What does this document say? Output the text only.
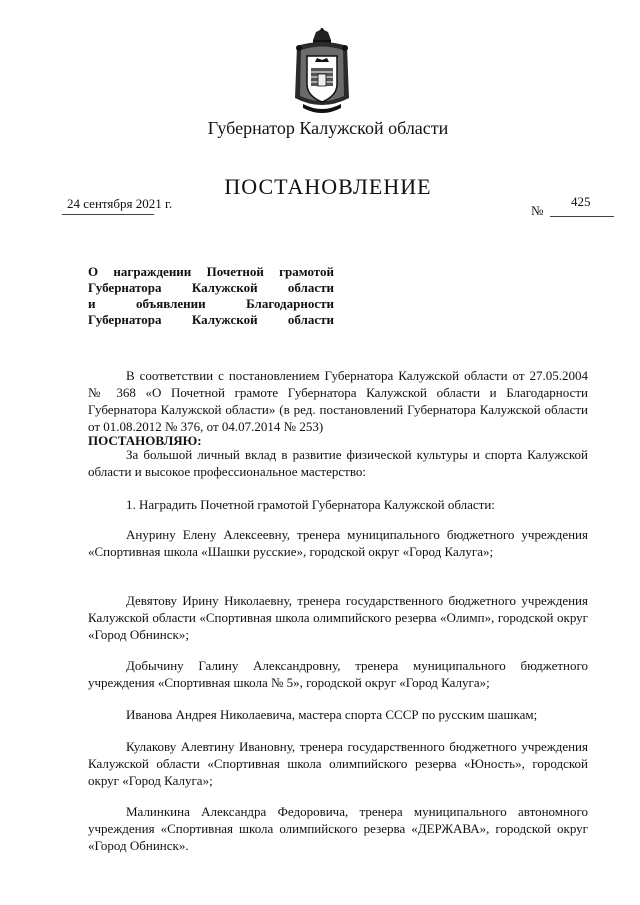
Губернатор Калужской области
ПОСТАНОВЛЕНИЕ
24 сентября 2021 г.	№
425
О награждении Почетной грамотой
Губернатора Калужской области
и	объявлении	Благодарности
Губернатора Калужской области
В соответствии с постановлением Губернатора Калужской области от 27.05.2004 № 368 «О Почетной грамоте Губернатора Калужской области и Благодарности Губернатора Калужской области» (в ред. постановлений Губернатора Калужской области от 01.08.2012 № 376, от 04.07.2014 № 253)
ПОСТАНОВЛЯЮ:
За большой личный вклад в развитие физической культуры и спорта Калужской области и высокое профессиональное мастерство:
1. Наградить Почетной грамотой Губернатора Калужской области:
Анурину Елену Алексеевну, тренера муниципального бюджетного учреждения «Спортивная школа «Шашки русские», городской округ «Город Калуга»;
Девятову Ирину Николаевну, тренера государственного бюджетного учреждения Калужской области «Спортивная школа олимпийского резерва «Олимп», городской округ «Город Обнинск»;
Добычину Галину Александровну, тренера муниципального бюджетного учреждения «Спортивная школа № 5», городской округ «Город Калуга»;
Иванова Андрея Николаевича, мастера спорта СССР по русским шашкам;
Кулакову Алевтину Ивановну, тренера государственного бюджетного учреждения Калужской области «Спортивная школа олимпийского резерва «Юность», городской округ «Город Калуга»;
Малинкина Александра Федоровича, тренера муниципального автономного учреждения «Спортивная школа олимпийского резерва «ДЕРЖАВА», городской округ «Город Обнинск».
